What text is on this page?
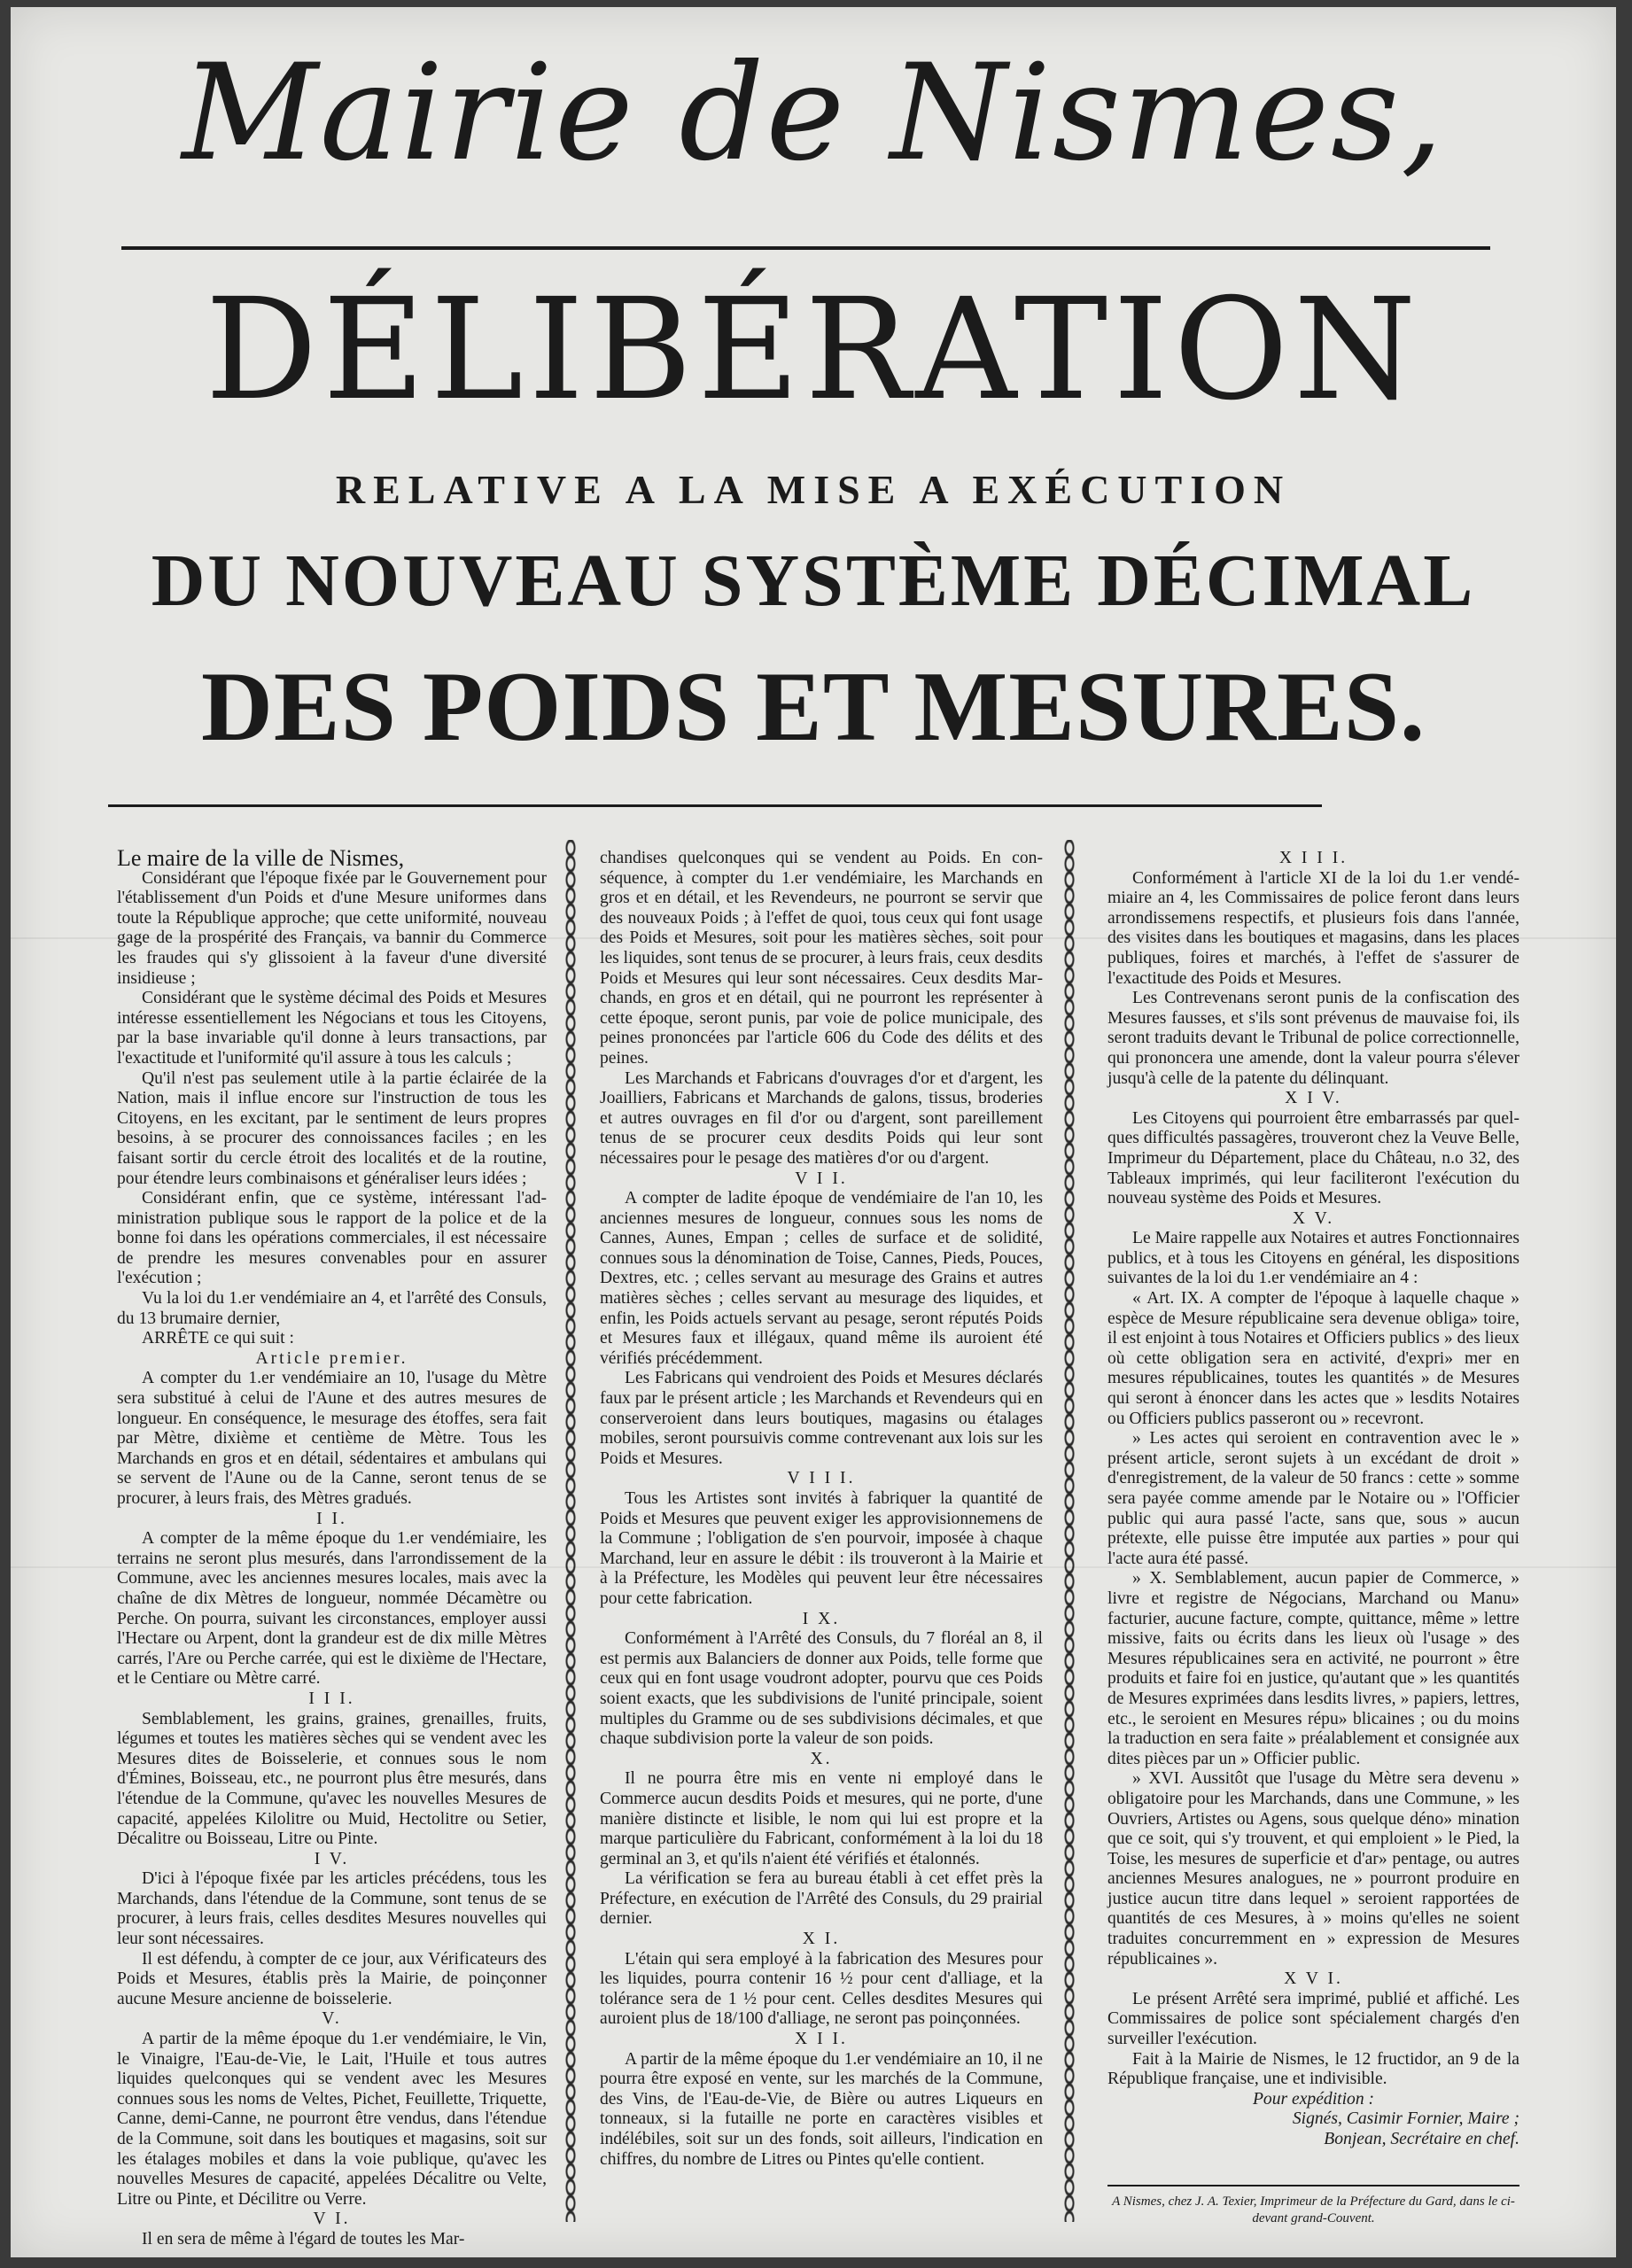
Mairie de Nismes,
DÉLIBÉRATION
RELATIVE A LA MISE A EXÉCUTION
DU NOUVEAU SYSTÈME DÉCIMAL
DES POIDS ET MESURES.

Le maire de la ville de Nismes,

Considérant que l'époque fixée par le Gouvernement pour l'établissement d'un Poids et d'une Mesure uniformes dans toute la République approche; que cette uniformité, nouveau gage de la prospérité des Français, va bannir du Commerce les fraudes qui s'y glissoient à la faveur d'une diversité insidieuse ;

Considérant que le système décimal des Poids et Mesures intéresse essentiellement les Négocians et tous les Citoyens, par la base invariable qu'il donne à leurs transactions, par l'exactitude et l'uniformité qu'il assure à tous les calculs ;

Qu'il n'est pas seulement utile à la partie éclairée de la Nation, mais il influe encore sur l'instruction de tous les Citoyens, en les excitant, par le sentiment de leurs propres besoins, à se procurer des connoissances faciles ; en les faisant sortir du cercle étroit des localités et de la routine, pour étendre leurs combinaisons et généraliser leurs idées ;

Considérant enfin, que ce système, intéressant l'administration publique sous le rapport de la police et de la bonne foi dans les opérations commerciales, il est nécessaire de prendre les mesures convenables pour en assurer l'exécution ;

Vu la loi du 1.er vendémiaire an 4, et l'arrêté des Consuls, du 13 brumaire dernier,

ARRÊTE ce qui suit :

Article premier.

A compter du 1.er vendémiaire an 10, l'usage du Mètre sera substitué à celui de l'Aune et des autres mesures de longueur. En conséquence, le mesurage des étoffes, sera fait par Mètre, dixième et centième de Mètre. Tous les Marchands en gros et en détail, sédentaires et ambulans qui se servent de l'Aune ou de la Canne, seront tenus de se procurer, à leurs frais, des Mètres gradués.

I I.

A compter de la même époque du 1.er vendémiaire, les terrains ne seront plus mesurés, dans l'arrondissement de la Commune, avec les anciennes mesures locales, mais avec la chaîne de dix Mètres de longueur, nommée Décamètre ou Perche. On pourra, suivant les circonstances, employer aussi l'Hectare ou Arpent, dont la grandeur est de dix mille Mètres carrés, l'Are ou Perche carrée, qui est le dixième de l'Hectare, et le Centiare ou Mètre carré.

I I I.

Semblablement, les grains, graines, grenailles, fruits, légumes et toutes les matières sèches qui se vendent avec les Mesures dites de Boisselerie, et connues sous le nom d'Émines, Boisseau, etc., ne pourront plus être mesurés, dans l'étendue de la Commune, qu'avec les nouvelles Mesures de capacité, appelées Kilolitre ou Muid, Hectolitre ou Setier, Décalitre ou Boisseau, Litre ou Pinte.

I V.

D'ici à l'époque fixée par les articles précédens, tous les Marchands, dans l'étendue de la Commune, sont tenus de se procurer, à leurs frais, celles desdites Mesures nouvelles qui leur sont nécessaires.

Il est défendu, à compter de ce jour, aux Vérificateurs des Poids et Mesures, établis près la Mairie, de poinçonner aucune Mesure ancienne de boisselerie.

V.

A partir de la même époque du 1.er vendémiaire, le Vin, le Vinaigre, l'Eau-de-Vie, le Lait, l'Huile et tous autres liquides quelconques qui se vendent avec les Mesures connues sous les noms de Veltes, Pichet, Feuillette, Triquette, Canne, demi-Canne, ne pourront être vendus, dans l'étendue de la Commune, soit dans les boutiques et magasins, soit sur les étalages mobiles et dans la voie publique, qu'avec les nouvelles Mesures de capacité, appelées Décalitre ou Velte, Litre ou Pinte, et Décilitre ou Verre.

V I.

Il en sera de même à l'égard de toutes les Mar-

chandises quelconques qui se vendent au Poids. En conséquence, à compter du 1.er vendémiaire, les Marchands en gros et en détail, et les Revendeurs, ne pourront se servir que des nouveaux Poids ; à l'effet de quoi, tous ceux qui font usage des Poids et Mesures, soit pour les matières sèches, soit pour les liquides, sont tenus de se procurer, à leurs frais, ceux desdits Poids et Mesures qui leur sont nécessaires. Ceux desdits Marchands, en gros et en détail, qui ne pourront les représenter à cette époque, seront punis, par voie de police municipale, des peines prononcées par l'article 606 du Code des délits et des peines.

Les Marchands et Fabricans d'ouvrages d'or et d'argent, les Joailliers, Fabricans et Marchands de galons, tissus, broderies et autres ouvrages en fil d'or ou d'argent, sont pareillement tenus de se procurer ceux desdits Poids qui leur sont nécessaires pour le pesage des matières d'or ou d'argent.

V I I.

A compter de ladite époque de vendémiaire de l'an 10, les anciennes mesures de longueur, connues sous les noms de Cannes, Aunes, Empan ; celles de surface et de solidité, connues sous la dénomination de Toise, Cannes, Pieds, Pouces, Dextres, etc. ; celles servant au mesurage des Grains et autres matières sèches ; celles servant au mesurage des liquides, et enfin, les Poids actuels servant au pesage, seront réputés Poids et Mesures faux et illégaux, quand même ils auroient été vérifiés précédemment.

Les Fabricans qui vendroient des Poids et Mesures déclarés faux par le présent article ; les Marchands et Revendeurs qui en conserveroient dans leurs boutiques, magasins ou étalages mobiles, seront poursuivis comme contrevenant aux lois sur les Poids et Mesures.

V I I I.

Tous les Artistes sont invités à fabriquer la quantité de Poids et Mesures que peuvent exiger les approvisionnemens de la Commune ; l'obligation de s'en pourvoir, imposée à chaque Marchand, leur en assure le débit : ils trouveront à la Mairie et à la Préfecture, les Modèles qui peuvent leur être nécessaires pour cette fabrication.

I X.

Conformément à l'Arrêté des Consuls, du 7 floréal an 8, il est permis aux Balanciers de donner aux Poids, telle forme que ceux qui en font usage voudront adopter, pourvu que ces Poids soient exacts, que les subdivisions de l'unité principale, soient multiples du Gramme ou de ses subdivisions décimales, et que chaque subdivision porte la valeur de son poids.

X.

Il ne pourra être mis en vente ni employé dans le Commerce aucun desdits Poids et mesures, qui ne porte, d'une manière distincte et lisible, le nom qui lui est propre et la marque particulière du Fabricant, conformément à la loi du 18 germinal an 3, et qu'ils n'aient été vérifiés et étalonnés.

La vérification se fera au bureau établi à cet effet près la Préfecture, en exécution de l'Arrêté des Consuls, du 29 prairial dernier.

X I.

L'étain qui sera employé à la fabrication des Mesures pour les liquides, pourra contenir 16 ½ pour cent d'alliage, et la tolérance sera de 1 ½ pour cent. Celles desdites Mesures qui auroient plus de 18/100 d'alliage, ne seront pas poinçonnées.

X I I.

A partir de la même époque du 1.er vendémiaire an 10, il ne pourra être exposé en vente, sur les marchés de la Commune, des Vins, de l'Eau-de-Vie, de Bière ou autres Liqueurs en tonneaux, si la futaille ne porte en caractères visibles et indélébiles, soit sur un des fonds, soit ailleurs, l'indication en chiffres, du nombre de Litres ou Pintes qu'elle contient.

X I I I.

Conformément à l'article XI de la loi du 1.er vendémiaire an 4, les Commissaires de police feront dans leurs arrondissemens respectifs, et plusieurs fois dans l'année, des visites dans les boutiques et magasins, dans les places publiques, foires et marchés, à l'effet de s'assurer de l'exactitude des Poids et Mesures.

Les Contrevenans seront punis de la confiscation des Mesures fausses, et s'ils sont prévenus de mauvaise foi, ils seront traduits devant le Tribunal de police correctionnelle, qui prononcera une amende, dont la valeur pourra s'élever jusqu'à celle de la patente du délinquant.

X I V.

Les Citoyens qui pourroient être embarrassés par quelques difficultés passagères, trouveront chez la Veuve Belle, Imprimeur du Département, place du Château, n.o 32, des Tableaux imprimés, qui leur faciliteront l'exécution du nouveau système des Poids et Mesures.

X V.

Le Maire rappelle aux Notaires et autres Fonctionnaires publics, et à tous les Citoyens en général, les dispositions suivantes de la loi du 1.er vendémiaire an 4 :

« Art. IX. A compter de l'époque à laquelle chaque » espèce de Mesure républicaine sera devenue obliga» toire, il est enjoint à tous Notaires et Officiers publics » des lieux où cette obligation sera en activité, d'expri» mer en mesures républicaines, toutes les quantités » de Mesures qui seront à énoncer dans les actes que » lesdits Notaires ou Officiers publics passeront ou » recevront.

» Les actes qui seroient en contravention avec le » présent article, seront sujets à un excédant de droit » d'enregistrement, de la valeur de 50 francs : cette » somme sera payée comme amende par le Notaire ou » l'Officier public qui aura passé l'acte, sans que, sous » aucun prétexte, elle puisse être imputée aux parties » pour qui l'acte aura été passé.

» X. Semblablement, aucun papier de Commerce, » livre et registre de Négocians, Marchand ou Manu» facturier, aucune facture, compte, quittance, même » lettre missive, faits ou écrits dans les lieux où l'usage » des Mesures républicaines sera en activité, ne pourront » être produits et faire foi en justice, qu'autant que » les quantités de Mesures exprimées dans lesdits livres, » papiers, lettres, etc., le seroient en Mesures répu» blicaines ; ou du moins la traduction en sera faite » préalablement et consignée aux dites pièces par un » Officier public.

» XVI. Aussitôt que l'usage du Mètre sera devenu » obligatoire pour les Marchands, dans une Commune, » les Ouvriers, Artistes ou Agens, sous quelque déno» mination que ce soit, qui s'y trouvent, et qui emploient » le Pied, la Toise, les mesures de superficie et d'ar» pentage, ou autres anciennes Mesures analogues, ne » pourront produire en justice aucun titre dans lequel » seroient rapportées de quantités de ces Mesures, à » moins qu'elles ne soient traduites concurremment en » expression de Mesures républicaines ».

X V I.

Le présent Arrêté sera imprimé, publié et affiché. Les Commissaires de police sont spécialement chargés d'en surveiller l'exécution.

Fait à la Mairie de Nismes, le 12 fructidor, an 9 de la République française, une et indivisible.

Pour expédition :

Signés, Casimir Fornier, Maire ;

Bonjean, Secrétaire en chef.

A Nismes, chez J. A. Texier, Imprimeur de la Préfecture du Gard, dans le ci-devant grand-Couvent.
